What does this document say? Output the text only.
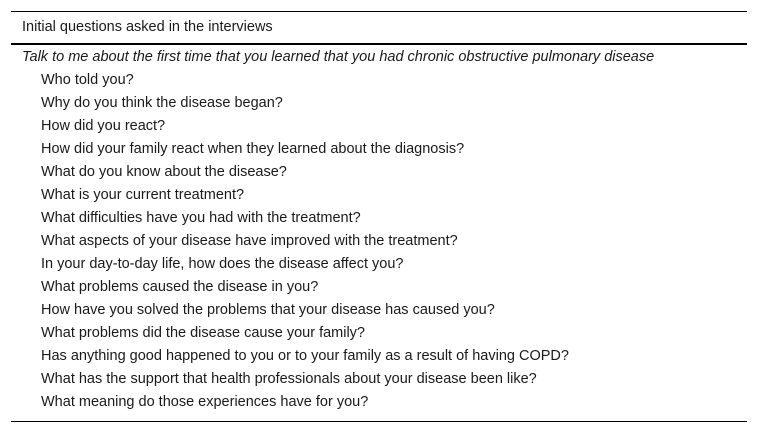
Initial questions asked in the interviews
Talk to me about the first time that you learned that you had chronic obstructive pulmonary disease
Who told you?
Why do you think the disease began?
How did you react?
How did your family react when they learned about the diagnosis?
What do you know about the disease?
What is your current treatment?
What difficulties have you had with the treatment?
What aspects of your disease have improved with the treatment?
In your day-to-day life, how does the disease affect you?
What problems caused the disease in you?
How have you solved the problems that your disease has caused you?
What problems did the disease cause your family?
Has anything good happened to you or to your family as a result of having COPD?
What has the support that health professionals about your disease been like?
What meaning do those experiences have for you?
